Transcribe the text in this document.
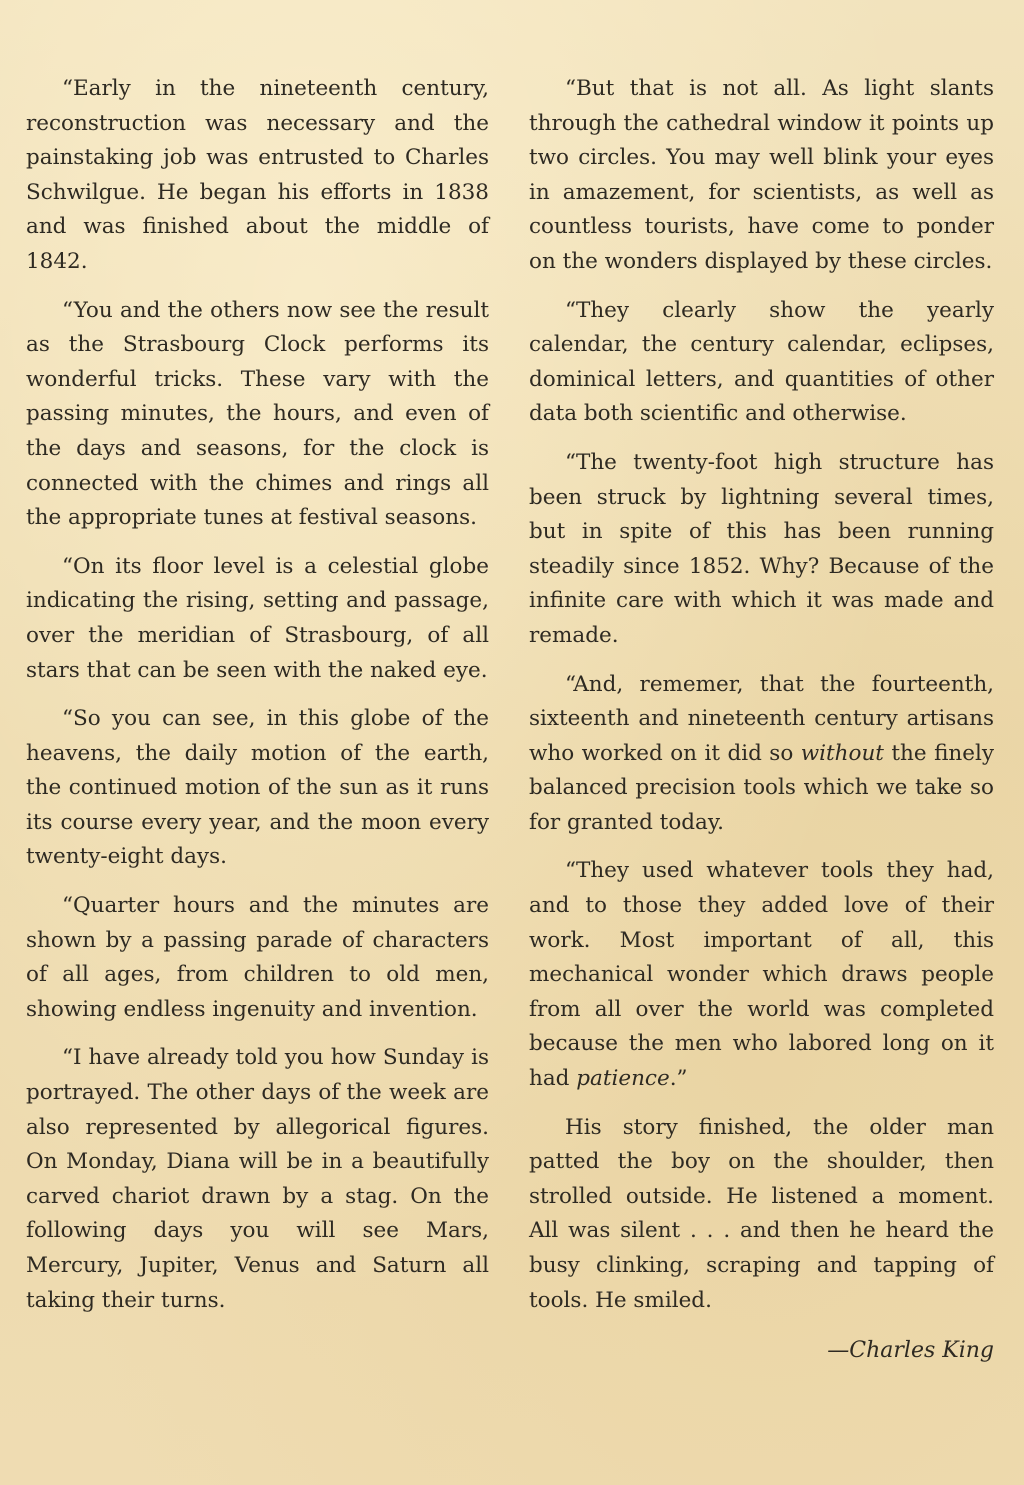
“Early in the nineteenth century, reconstruction was necessary and the painstaking job was entrusted to Charles Schwilgue. He began his efforts in 1838 and was finished about the middle of 1842.

“You and the others now see the result as the Strasbourg Clock performs its wonderful tricks. These vary with the passing minutes, the hours, and even of the days and seasons, for the clock is connected with the chimes and rings all the appropriate tunes at festival seasons.

“On its floor level is a celestial globe indicating the rising, setting and passage, over the meridian of Strasbourg, of all stars that can be seen with the naked eye.

“So you can see, in this globe of the heavens, the daily motion of the earth, the continued motion of the sun as it runs its course every year, and the moon every twenty-eight days.

“Quarter hours and the minutes are shown by a passing parade of characters of all ages, from children to old men, showing endless ingenuity and invention.

“I have already told you how Sunday is portrayed. The other days of the week are also represented by allegorical figures. On Monday, Diana will be in a beautifully carved chariot drawn by a stag. On the following days you will see Mars, Mercury, Jupiter, Venus and Saturn all taking their turns.

“But that is not all. As light slants through the cathedral window it points up two circles. You may well blink your eyes in amazement, for scientists, as well as countless tourists, have come to ponder on the wonders displayed by these circles.

“They clearly show the yearly calendar, the century calendar, eclipses, dominical letters, and quantities of other data both scientific and otherwise.

“The twenty-foot high structure has been struck by lightning several times, but in spite of this has been running steadily since 1852. Why? Because of the infinite care with which it was made and remade.

“And, rememer, that the fourteenth, sixteenth and nineteenth century artisans who worked on it did so without the finely balanced precision tools which we take so for granted today.

“They used whatever tools they had, and to those they added love of their work. Most important of all, this mechanical wonder which draws people from all over the world was completed because the men who labored long on it had patience.”

His story finished, the older man patted the boy on the shoulder, then strolled outside. He listened a moment. All was silent . . . and then he heard the busy clinking, scraping and tapping of tools. He smiled.

—Charles King
